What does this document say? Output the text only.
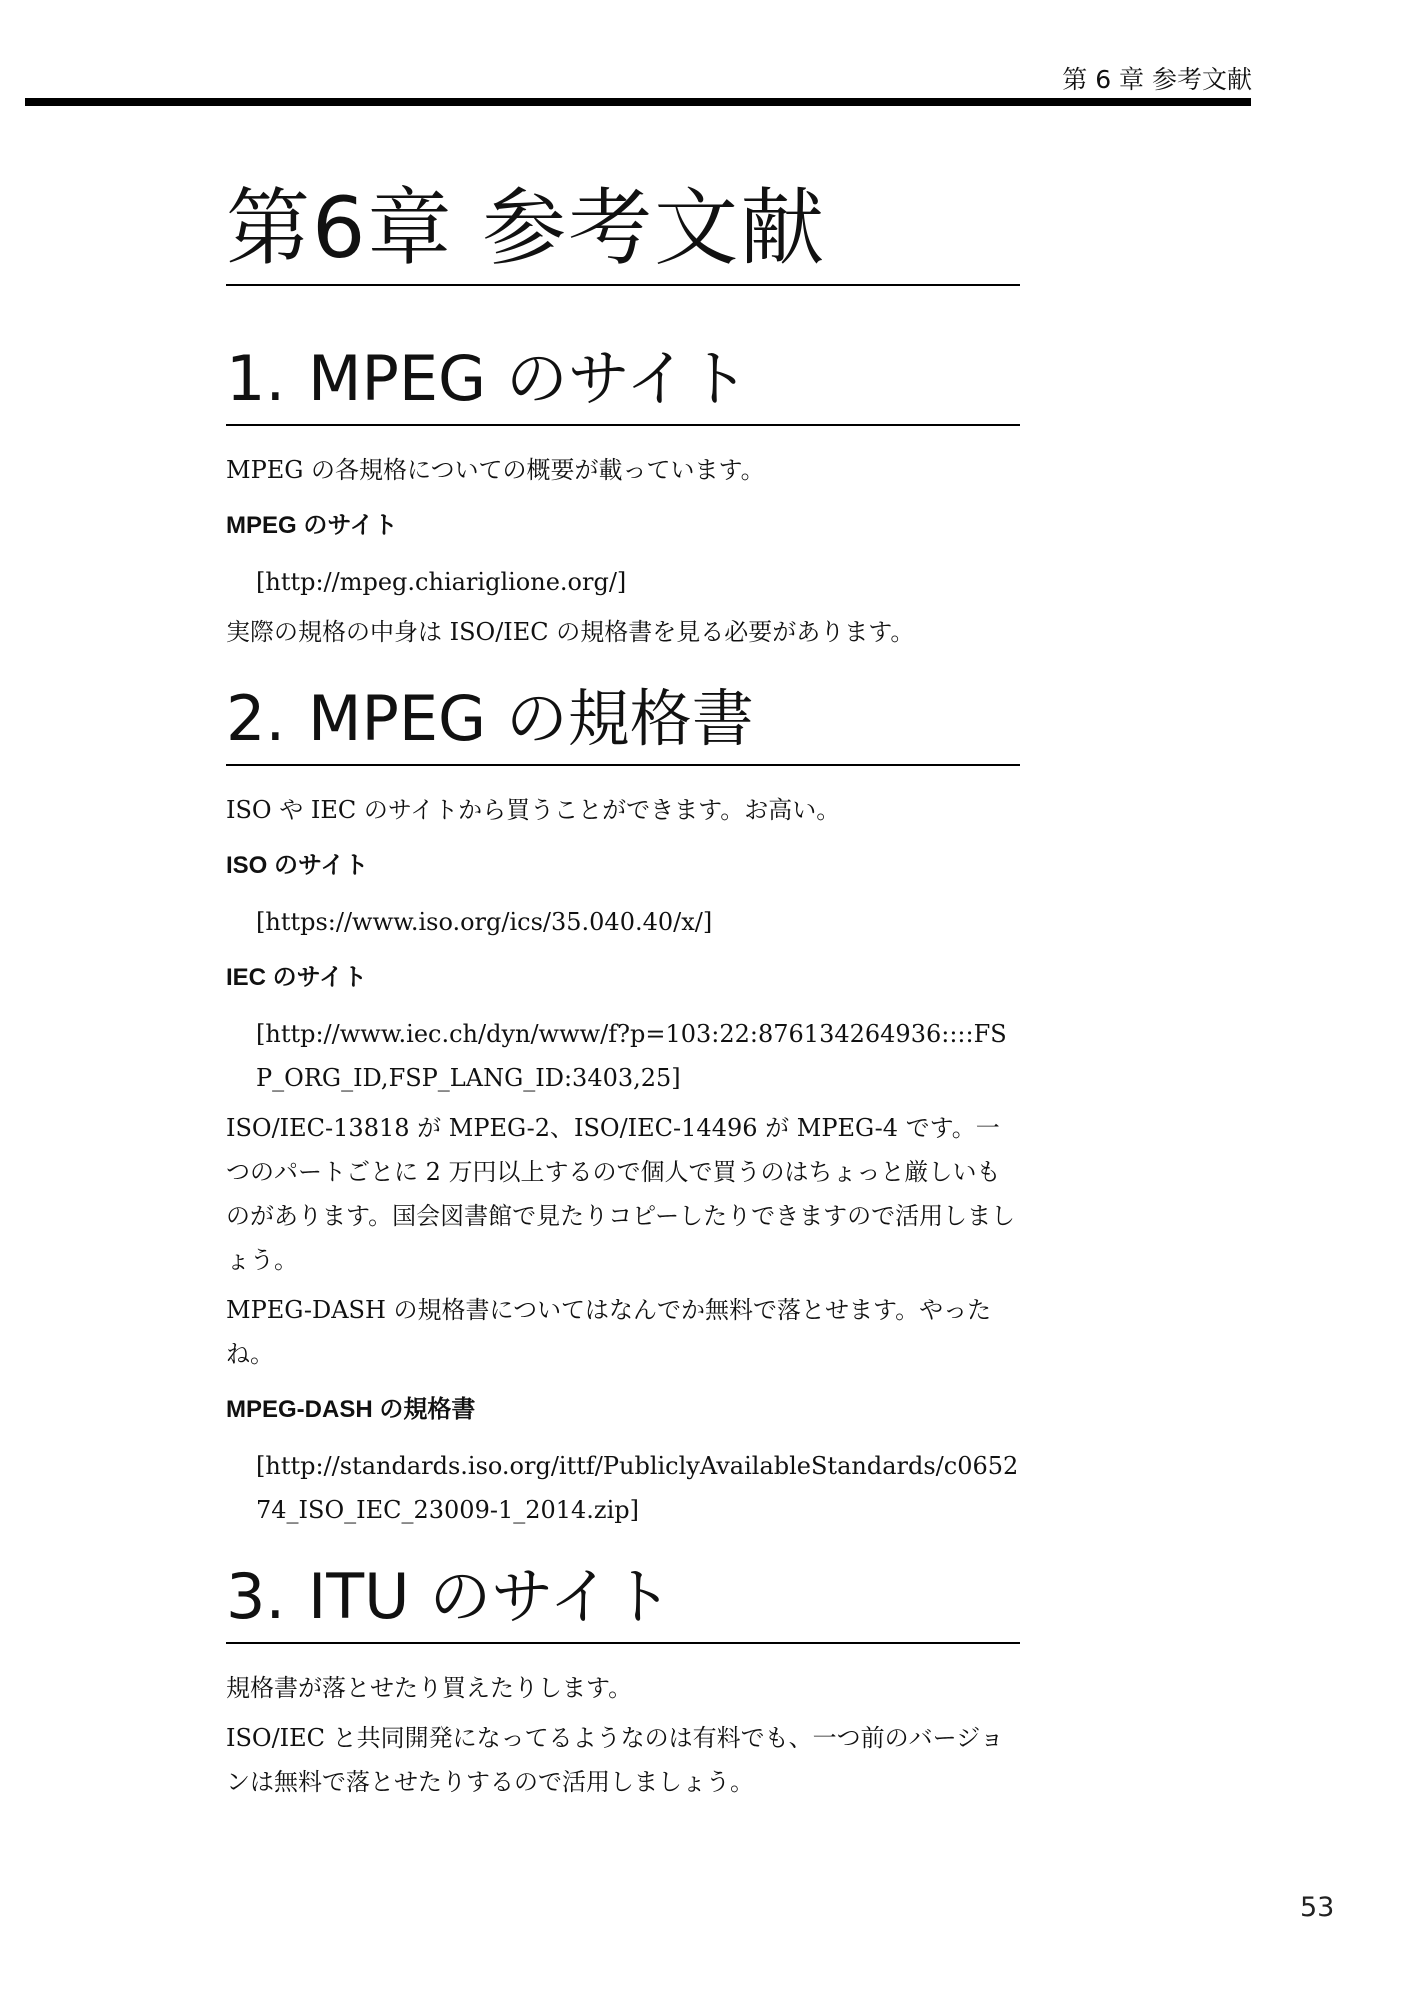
第 6 章 参考文献
第6章 参考文献
1. MPEG のサイト

MPEG の各規格についての概要が載っています。

MPEG のサイト

[http://mpeg.chiariglione.org/]

実際の規格の中身は ISO/IEC の規格書を見る必要があります。

2. MPEG の規格書

ISO や IEC のサイトから買うことができます。お高い。

ISO のサイト

[https://www.iso.org/ics/35.040.40/x/]

IEC のサイト

[http://www.iec.ch/dyn/www/f?p=103:22:876134264936::::FSP_ORG_ID,FSP_LANG_ID:3403,25]

ISO/IEC-13818 が MPEG-2、ISO/IEC-14496 が MPEG-4 です。一つのパートごとに 2 万円以上するので個人で買うのはちょっと厳しいものがあります。国会図書館で見たりコピーしたりできますので活用しましょう。

MPEG-DASH の規格書についてはなんでか無料で落とせます。やったね。

MPEG-DASH の規格書

[http://standards.iso.org/ittf/PubliclyAvailableStandards/c065274_ISO_IEC_23009-1_2014.zip]

3. ITU のサイト

規格書が落とせたり買えたりします。

ISO/IEC と共同開発になってるようなのは有料でも、一つ前のバージョンは無料で落とせたりするので活用しましょう。

53
